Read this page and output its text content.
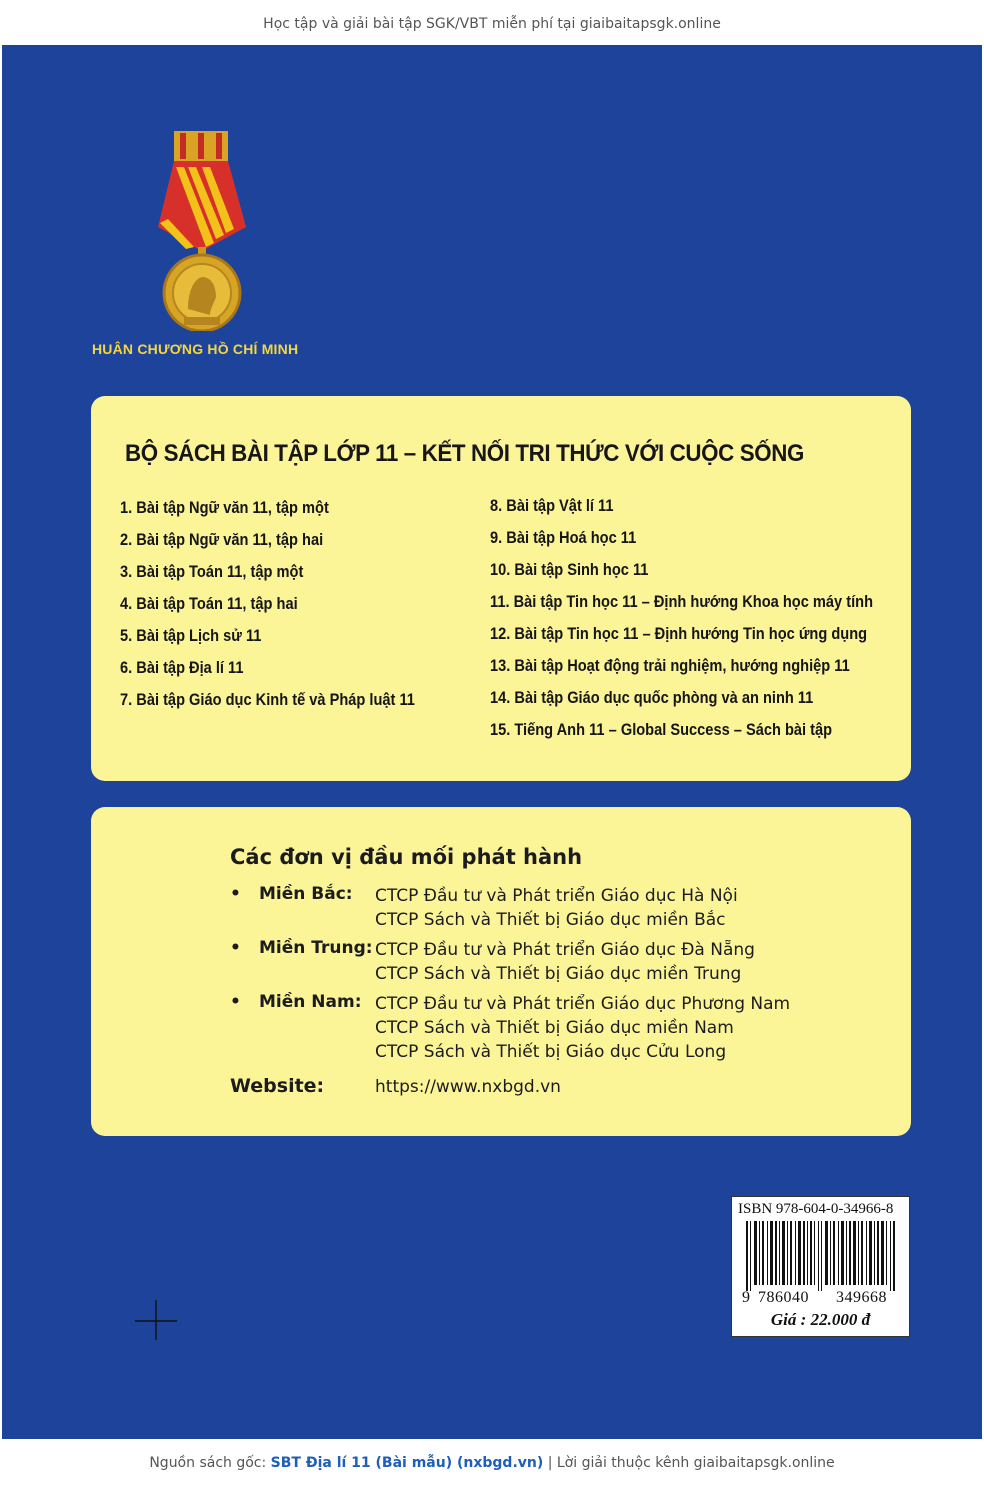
Học tập và giải bài tập SGK/VBT miễn phí tại giaibaitapsgk.online
HUÂN CHƯƠNG HỒ CHÍ MINH
BỘ SÁCH BÀI TẬP LỚP 11 – KẾT NỐI TRI THỨC VỚI CUỘC SỐNG
1. Bài tập Ngữ văn 11, tập một
2. Bài tập Ngữ văn 11, tập hai
3. Bài tập Toán 11, tập một
4. Bài tập Toán 11, tập hai
5. Bài tập Lịch sử 11
6. Bài tập Địa lí 11
7. Bài tập Giáo dục Kinh tế và Pháp luật 11
8. Bài tập Vật lí 11
9. Bài tập Hoá học 11
10. Bài tập Sinh học 11
11. Bài tập Tin học 11 – Định hướng Khoa học máy tính
12. Bài tập Tin học 11 – Định hướng Tin học ứng dụng
13. Bài tập Hoạt động trải nghiệm, hướng nghiệp 11
14. Bài tập Giáo dục quốc phòng và an ninh 11
15. Tiếng Anh 11 – Global Success – Sách bài tập
Các đơn vị đầu mối phát hành
• Miền Bắc: CTCP Đầu tư và Phát triển Giáo dục Hà Nội
CTCP Sách và Thiết bị Giáo dục miền Bắc
• Miền Trung: CTCP Đầu tư và Phát triển Giáo dục Đà Nẵng
CTCP Sách và Thiết bị Giáo dục miền Trung
• Miền Nam: CTCP Đầu tư và Phát triển Giáo dục Phương Nam
CTCP Sách và Thiết bị Giáo dục miền Nam
CTCP Sách và Thiết bị Giáo dục Cửu Long
Website:	https://www.nxbgd.vn
ISBN 978-604-0-34966-8
9 786040 349668
Giá : 22.000 đ
Nguồn sách gốc: SBT Địa lí 11 (Bài mẫu) (nxbgd.vn) | Lời giải thuộc kênh giaibaitapsgk.online
